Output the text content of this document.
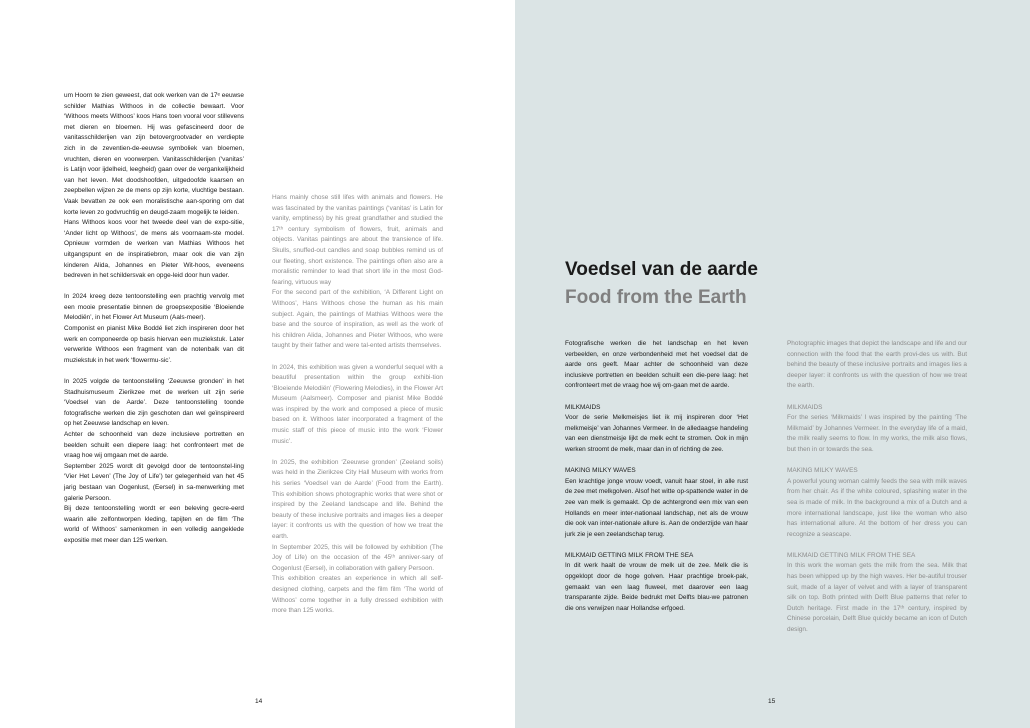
um Hoorn te zien geweest, dat ook werken van de 17ᵉ eeuwse schilder Mathias Withoos in de collectie bewaart. Voor ‘Withoos meets Withoos’ koos Hans toen vooral voor stillevens met dieren en bloemen. Hij was gefascineerd door de vanitasschilderijen van zijn betovergrootvader en verdiepte zich in de zeventien-de-eeuwse symboliek van bloemen, vruchten, dieren en voorwerpen. Vanitasschilderijen (‘vanitas’ is Latijn voor ijdelheid, leegheid) gaan over de vergankelijkheid van het leven. Met doodshoofden, uitgedoofde kaarsen en zeepbellen wijzen ze de mens op zijn korte, vluchtige bestaan. Vaak bevatten ze ook een moralistische aan-sporing om dat korte leven zo godvruchtig en deugd-zaam mogelijk te leiden.
Hans Withoos koos voor het tweede deel van de expo-sitie, ‘Ander licht op Withoos’, de mens als voornaam-ste model. Opnieuw vormden de werken van Mathias Withoos het uitgangspunt en de inspiratiebron, maar ook die van zijn kinderen Alida, Johannes en Pieter Wit-hoos, eveneens bedreven in het schildersvak en opge-leid door hun vader.

In 2024 kreeg deze tentoonstelling een prachtig vervolg met een mooie presentatie binnen de groepsexpositie ‘Bloeiende Melodiën’, in het Flower Art Museum (Aals-meer).
Componist en pianist Mike Boddé liet zich inspireren door het werk en componeerde op basis hiervan een muziekstuk. Later verwerkte Withoos een fragment van de notenbalk van dit muziekstuk in het werk ‘flowermu-sic’.

In 2025 volgde de tentoonstelling ‘Zeeuwse gronden’ in het Stadhuismuseum Zierikzee met de werken uit zijn serie ‘Voedsel van de Aarde’. Deze tentoonstelling toonde fotografische werken die zijn geschoten dan wel geïnspireerd op het Zeeuwse landschap en leven.
Achter de schoonheid van deze inclusieve portretten en beelden schuilt een diepere laag: het confronteert met de vraag hoe wij omgaan met de aarde.
September 2025 wordt dit gevolgd door de tentoonstel-ling ‘Vier Het Leven’ (The Joy of Life’) ter gelegenheid van het 45 jarig bestaan van Oogenlust, (Eersel) in sa-menwerking met galerie Persoon.
Bij deze tentoonstelling wordt er een beleving gecre-eerd waarin alle zelfontworpen kleding, tapijten en de film ‘The world of Withoos’ samenkomen in een volledig aangeklede expositie met meer dan 125 werken.

Hans mainly chose still lifes with animals and flowers. He was fascinated by the vanitas paintings (‘vanitas’ is Latin for vanity, emptiness) by his great grandfather and studied the 17ᵗʰ century symbolism of flowers, fruit, animals and objects. Vanitas paintings are about the transience of life. Skulls, snuffed-out candles and soap bubbles remind us of our fleeting, short existence. The paintings often also are a moralistic reminder to lead that short life in the most God-fearing, virtuous way
For the second part of the exhibition, ‘A Different Light on Withoos’, Hans Withoos chose the human as his main subject. Again, the paintings of Mathias Withoos were the base and the source of inspiration, as well as the work of his children Alida, Johannes and Pieter Withoos, who were taught by their father and were tal-ented artists themselves.

In 2024, this exhibition was given a wonderful sequel with a beautiful presentation within the group exhibi-tion ‘Bloeiende Melodiën’ (Flowering Melodies), in the Flower Art Museum (Aalsmeer). Composer and pianist Mike Boddé was inspired by the work and composed a piece of music based on it. Withoos later incorporated a fragment of the music staff of this piece of music into the work ‘Flower music’.

In 2025, the exhibition ‘Zeeuwse gronden’ (Zeeland soils) was held in the Zierikzee City Hall Museum with works from his series ‘Voedsel van de Aarde’ (Food from the Earth). This exhibition shows photographic works that were shot or inspired by the Zeeland landscape and life. Behind the beauty of these inclusive portraits and images lies a deeper layer: it confronts us with the question of how we treat the earth.
In September 2025, this will be followed by exhibition (The Joy of Life) on the occasion of the 45ᵗʰ anniver-sary of Oogenlust (Eersel), in collaboration with gallery Persoon.
This exhibition creates an experience in which all self-designed clothing, carpets and the film film ‘The world of Withoos’ come together in a fully dressed exhibition with more than 125 works.

Voedsel van de aarde
Food from the Earth

Fotografische werken die het landschap en het leven verbeelden, en onze verbondenheid met het voedsel dat de aarde ons geeft. Maar achter de schoonheid van deze inclusieve portretten en beelden schuilt een die-pere laag: het confronteert met de vraag hoe wij om-gaan met de aarde.

MILKMAIDS
Voor de serie Melkmeisjes liet ik mij inspireren door ‘Het melkmeisje’ van Johannes Vermeer. In de alledaagse handeling van een dienstmeisje lijkt de melk echt te stromen. Ook in mijn werken stroomt de melk, maar dan in of richting de zee.

MAKING MILKY WAVES
Een krachtige jonge vrouw voedt, vanuit haar stoel, in alle rust de zee met melkgolven. Alsof het witte op-spattende water in de zee van melk is gemaakt. Op de achtergrond een mix van een Hollands en meer inter-nationaal landschap, net als de vrouw die ook van inter-nationale allure is. Aan de onderzijde van haar jurk zie je een zeelandschap terug.

MILKMAID GETTING MILK FROM THE SEA
In dit werk haalt de vrouw de melk uit de zee. Melk die is opgeklopt door de hoge golven. Haar prachtige broek-pak, gemaakt van een laag fluweel, met daarover een laag transparante zijde. Beide bedrukt met Delfts blau-we patronen die ons verwijzen naar Hollandse erfgoed.

Photographic images that depict the landscape and life and our connection with the food that the earth provi-des us with. But behind the beauty of these inclusive portraits and images lies a deeper layer: it confronts us with the question of how we treat the earth.

MILKMAIDS
For the series ‘Milkmaids’ I was inspired by the painting ‘The Milkmaid’ by Johannes Vermeer. In the everyday life of a maid, the milk really seems to flow. In my works, the milk also flows, but then in or towards the sea.

MAKING MILKY WAVES
A powerful young woman calmly feeds the sea with milk waves from her chair. As if the white coloured, splashing water in the sea is made of milk. In the background a mix of a Dutch and a more international landscape, just like the woman who also has international allure. At the bottom of her dress you can recognize a seascape.

MILKMAID GETTING MILK FROM THE SEA
In this work the woman gets the milk from the sea. Milk that has been whipped up by the high waves. Her be-autiful trouser suit, made of a layer of velvet and with a layer of transparent silk on top. Both printed with Delft Blue patterns that refer to Dutch heritage. First made in the 17ᵗʰ century, inspired by Chinese porcelain, Delft Blue quickly became an icon of Dutch design.

14	15
